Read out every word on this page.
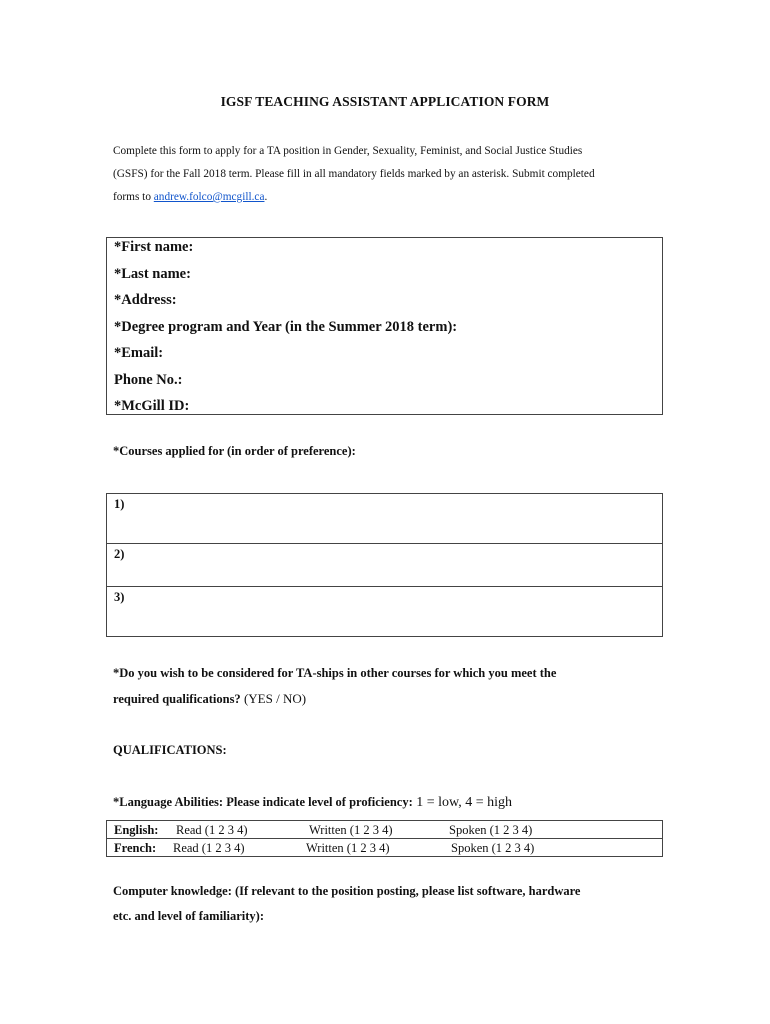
IGSF TEACHING ASSISTANT APPLICATION FORM
Complete this form to apply for a TA position in Gender, Sexuality, Feminist, and Social Justice Studies
(GSFS) for the Fall 2018 term. Please fill in all mandatory fields marked by an asterisk. Submit completed
forms to andrew.folco@mcgill.ca.
*First name:
*Last name:
*Address:
*Degree program and Year (in the Summer 2018 term):
*Email:
Phone No.:
*McGill ID:
*Courses applied for (in order of preference):
1)
2)
3)
*Do you wish to be considered for TA-ships in other courses for which you meet the
required qualifications? (YES / NO)
QUALIFICATIONS:
*Language Abilities: Please indicate level of proficiency: 1 = low, 4 = high
English: Read (1 2 3 4)	Written (1 2 3 4)	Spoken (1 2 3 4)
French: Read (1 2 3 4)	Written (1 2 3 4)	Spoken (1 2 3 4)
Computer knowledge: (If relevant to the position posting, please list software, hardware
etc. and level of familiarity):
